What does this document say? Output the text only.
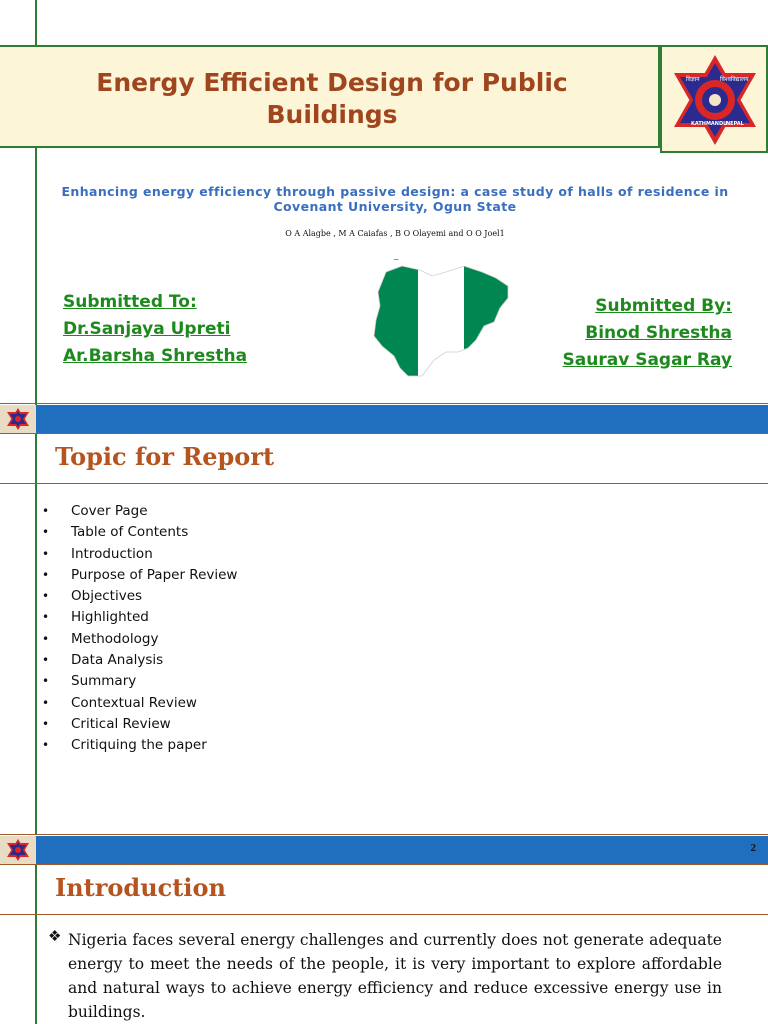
Energy Efficient Design for Public Buildings
विज्ञान	विश्वविद्यालय
KATHMANDU
NEPAL
Enhancing energy efficiency through passive design: a case study of halls of residence in Covenant University, Ogun State
O A Alagbe , M A Caiafas , B O Olayemi and O O Joel1
_
Submitted To:
Dr.Sanjaya Upreti
Ar.Barsha Shrestha
Submitted By:
Binod Shrestha
Saurav Sagar Ray
Topic for Report
• Cover Page
• Table of Contents
• Introduction
• Purpose of Paper Review
• Objectives
• Highlighted
• Methodology
• Data Analysis
• Summary
• Contextual Review
• Critical Review
• Critiquing the paper
2
Introduction
❖ Nigeria faces several energy challenges and currently does not generate adequate energy to meet the needs of the people, it is very important to explore affordable and natural ways to achieve energy efficiency and reduce excessive energy use in buildings.
